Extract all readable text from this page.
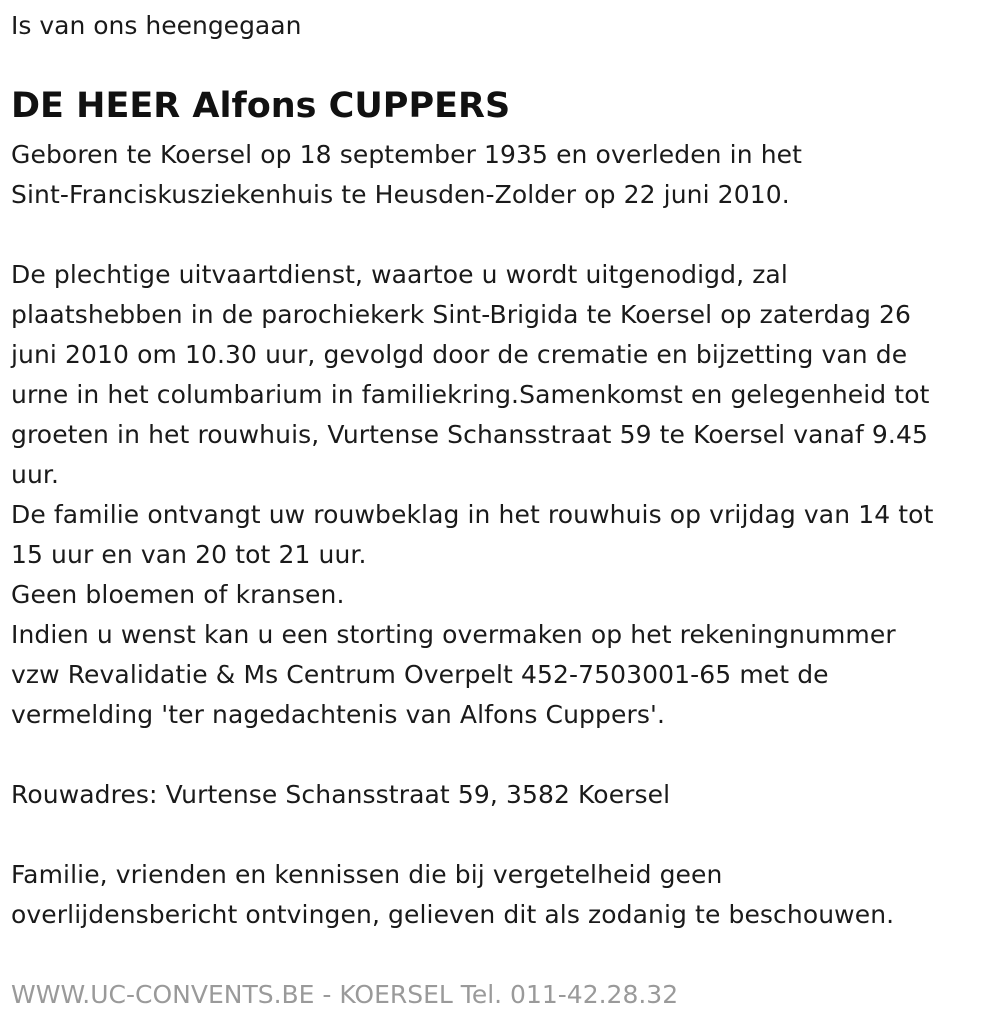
Is van ons heengegaan
DE HEER Alfons CUPPERS
Geboren te Koersel op 18 september 1935 en overleden in het
Sint-Franciskusziekenhuis te Heusden-Zolder op 22 juni 2010.
De plechtige uitvaartdienst, waartoe u wordt uitgenodigd, zal
plaatshebben in de parochiekerk Sint-Brigida te Koersel op zaterdag 26
juni 2010 om 10.30 uur, gevolgd door de crematie en bijzetting van de
urne in het columbarium in familiekring.Samenkomst en gelegenheid tot
groeten in het rouwhuis, Vurtense Schansstraat 59 te Koersel vanaf 9.45
uur.
De familie ontvangt uw rouwbeklag in het rouwhuis op vrijdag van 14 tot
15 uur en van 20 tot 21 uur.
Geen bloemen of kransen.
Indien u wenst kan u een storting overmaken op het rekeningnummer
vzw Revalidatie & Ms Centrum Overpelt 452-7503001-65 met de
vermelding 'ter nagedachtenis van Alfons Cuppers'.
Rouwadres: Vurtense Schansstraat 59, 3582 Koersel
Familie, vrienden en kennissen die bij vergetelheid geen
overlijdensbericht ontvingen, gelieven dit als zodanig te beschouwen.
WWW.UC-CONVENTS.BE - KOERSEL Tel. 011-42.28.32
